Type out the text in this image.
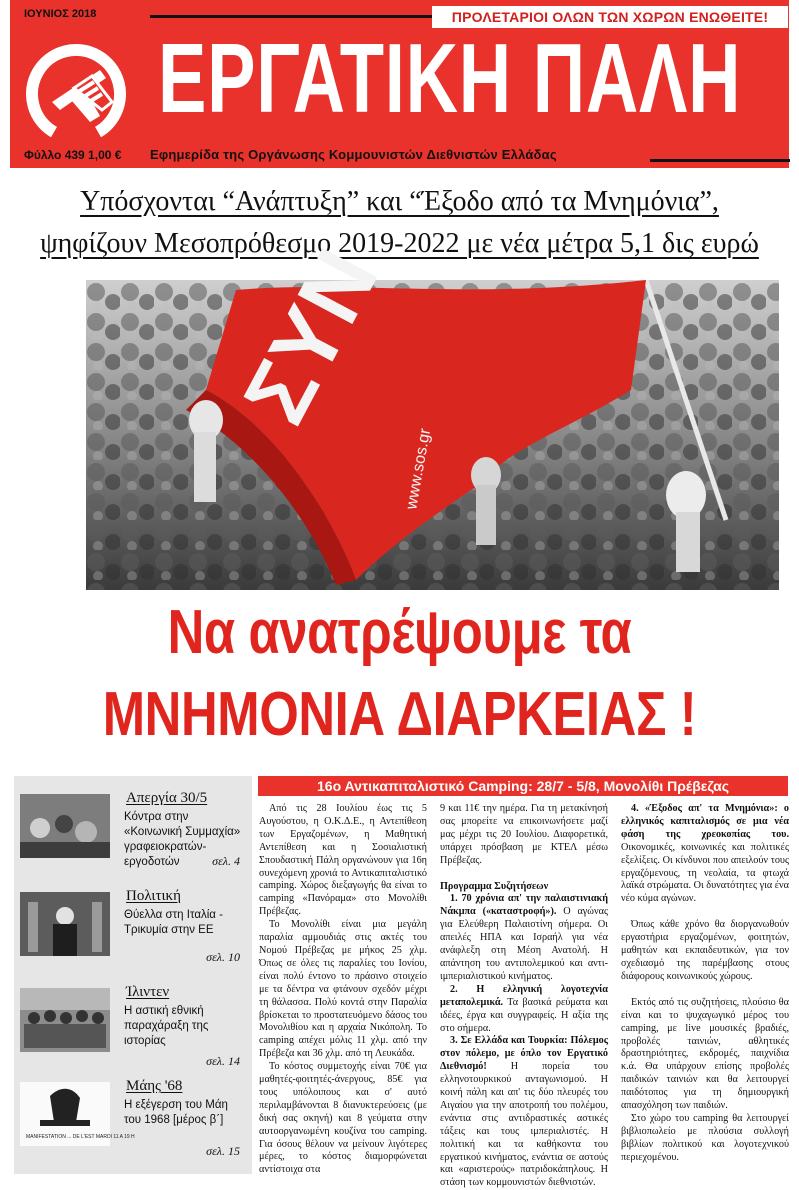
ΙΟΥΝΙΟΣ 2018	ΠΡΟΛΕΤΑΡΙΟΙ ΟΛΩΝ ΤΩΝ ΧΩΡΩΝ ΕΝΩΘΕΙΤΕ!
ΕΡΓΑΤΙΚΗ ΠΑΛΗ
Φύλλο 439 1,00 € Εφημερίδα της Οργάνωσης Κομμουνιστών Διεθνιστών Ελλάδας
Υπόσχονται “Ανάπτυξη” και “Έξοδο από τα Μνημόνια”,
ψηφίζουν Μεσοπρόθεσμο 2019-2022 με νέα μέτρα 5,1 δις ευρώ
ΣΥΝ
www.sos.gr
Να ανατρέψουμε τα
ΜΝΗΜΟΝΙΑ ΔΙΑΡΚΕΙΑΣ !
Απεργία 30/5
Κόντρα στην «Κοινωνική Συμμαχία» γραφειοκρατών-εργοδοτών	σελ. 4
Πολιτική
Θύελλα στη Ιταλία - Τρικυμία στην ΕΕ
σελ. 10
Ίλιντεν
Η αστική εθνική παραχάραξη της ιστορίας
σελ. 14
MANIFESTATION ... DE L'EST MARDI 11 A 19 H
Μάης '68
Η εξέγερση του Μάη του 1968 [μέρος β΄]
σελ. 15
16ο Αντικαπιταλιστικό Camping: 28/7 - 5/8, Μονολίθι Πρέβεζας

Από τις 28 Ιουλίου έως τις 5 Αυγούστου, η Ο.Κ.Δ.Ε., η Αντεπίθεση των Εργαζομένων, η Μαθητική Αντεπίθεση και η Σοσιαλιστική Σπουδαστική Πάλη οργανώνουν για 16η συνεχόμενη χρονιά το Αντικαπιταλιστικό camping. Χώρος διεξαγωγής θα είναι το camping «Πανόραμα» στο Μονολίθι Πρέβεζας.

Το Μονολίθι είναι μια μεγάλη παραλία αμμουδιάς στις ακτές του Νομού Πρέβεζας με μήκος 25 χλμ. Όπως σε όλες τις παραλίες του Ιονίου, είναι πολύ έντονο το πράσινο στοιχείο με τα δέντρα να φτάνουν σχεδόν μέχρι τη θάλασσα. Πολύ κοντά στην Παραλία βρίσκεται το προστατευόμενο δάσος του Μονολιθίου και η αρχαία Νικόπολη. Το camping απέχει μόλις 11 χλμ. από την Πρέβεζα και 36 χλμ. από τη Λευκάδα.

Το κόστος συμμετοχής είναι 70€ για μαθητές-φοιτητές-άνεργους, 85€ για τους υπόλοιπους και σ' αυτό περιλαμβάνονται 8 διανυκτερεύσεις (με δική σας σκηνή) και 8 γεύματα στην αυτοοργανωμένη κουζίνα του camping. Για όσους θέλουν να μείνουν λιγότερες μέρες, το κόστος διαμορφώνεται αντίστοιχα στα

9 και 11€ την ημέρα. Για τη μετακίνησή σας μπορείτε να επικοινωνήσετε μαζί μας μέχρι τις 20 Ιουλίου. Διαφορετικά, υπάρχει πρόσβαση με ΚΤΕΛ μέσω Πρέβεζας.

Προγραμμα Συζητήσεων

1. 70 χρόνια απ' την παλαιστινιακή Νάκμπα («καταστροφή»). Ο αγώνας για Ελεύθερη Παλαιστίνη σήμερα. Οι απειλές ΗΠΑ και Ισραήλ για νέα ανάφλεξη στη Μέση Ανατολή. Η απάντηση του αντιπολεμικού και αντι-ιμπεριαλιστικού κινήματος.

2. Η ελληνική λογοτεχνία μεταπολεμικά. Τα βασικά ρεύματα και ιδέες, έργα και συγγραφείς. Η αξία της στο σήμερα.

3. Σε Ελλάδα και Τουρκία: Πόλεμος στον πόλεμο, με όπλο τον Εργατικό Διεθνισμό! Η πορεία του ελληνοτουρκικού ανταγωνισμού. Η κοινή πάλη και απ' τις δύο πλευρές του Αιγαίου για την αποτροπή του πολέμου, ενάντια στις αντιδραστικές αστικές τάξεις και τους ιμπεριαλιστές. Η πολιτική και τα καθήκοντα του εργατικού κινήματος, ενάντια σε αστούς και «αριστερούς» πατριδοκάπηλους. Η στάση των κομμουνιστών διεθνιστών.

4. «Έξοδος απ' τα Μνημόνια»: ο ελληνικός καπιταλισμός σε μια νέα φάση της χρεοκοπίας του. Οικονομικές, κοινωνικές και πολιτικές εξελίξεις. Οι κίνδυνοι που απειλούν τους εργαζόμενους, τη νεολαία, τα φτωχά λαϊκά στρώματα. Οι δυνατότητες για ένα νέο κύμα αγώνων.

Όπως κάθε χρόνο θα διοργανωθούν εργαστήρια εργαζομένων, φοιτητών, μαθητών και εκπαιδευτικών, για τον σχεδιασμό της παρέμβασης στους διάφορους κοινωνικούς χώρους.

Εκτός από τις συζητήσεις, πλούσιο θα είναι και το ψυχαγωγικό μέρος του camping, με live μουσικές βραδιές, προβολές ταινιών, αθλητικές δραστηριότητες, εκδρομές, παιχνίδια κ.ά. Θα υπάρχουν επίσης προβολές παιδικών ταινιών και θα λειτουργεί παιδότοπος για τη δημιουργική απασχόληση των παιδιών.

Στο χώρο του camping θα λειτουργεί βιβλιοπωλείο με πλούσια συλλογή βιβλίων πολιτικού και λογοτεχνικού περιεχομένου.
